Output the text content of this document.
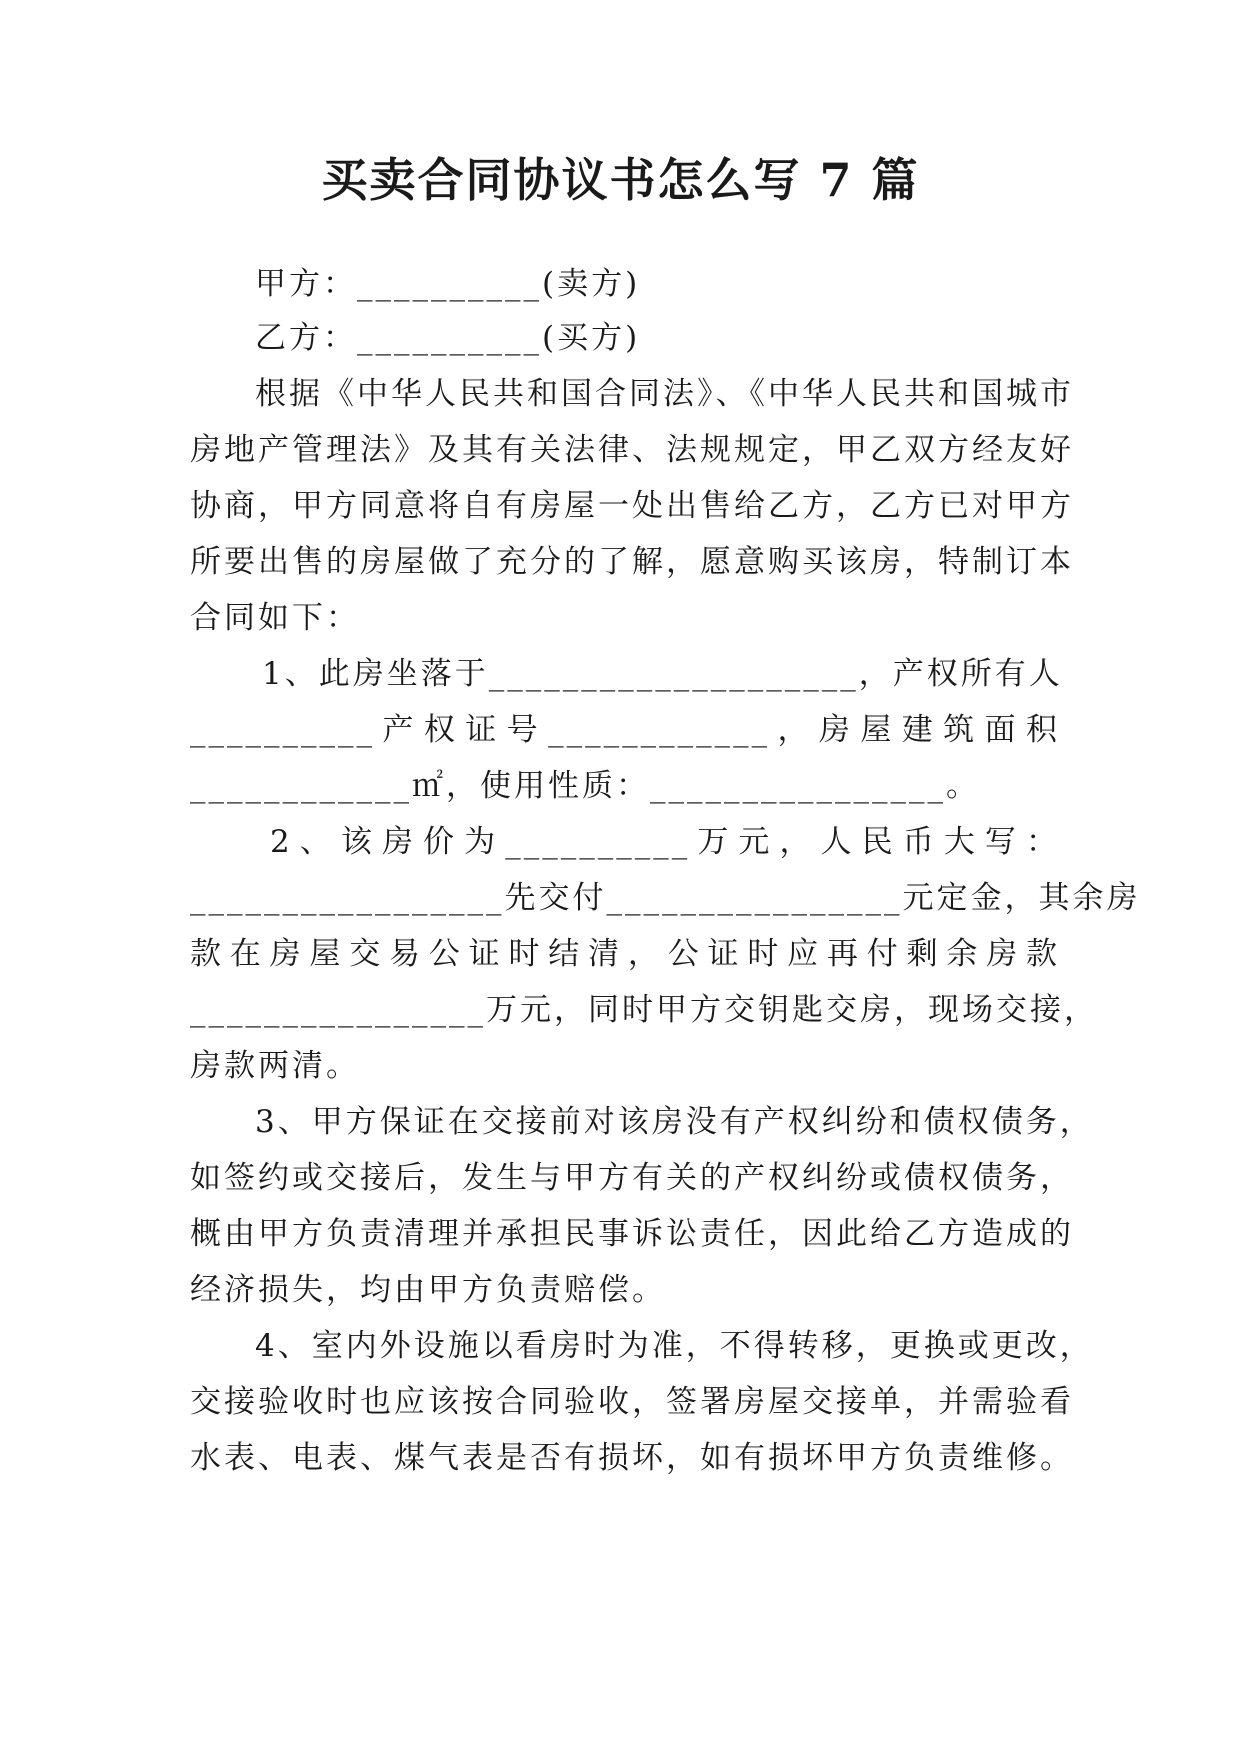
买卖合同协议书怎么写 7 篇
甲方：__________(卖方)
乙方：__________(买方)
根据《中华人民共和国合同法》、《中华人民共和国城市
房地产管理法》及其有关法律、法规规定，甲乙双方经友好
协商，甲方同意将自有房屋一处出售给乙方，乙方已对甲方
所要出售的房屋做了充分的了解，愿意购买该房，特制订本
合同如下：
1、此房坐落于____________________，产权所有人
__________产权证号____________，房屋建筑面积
____________㎡，使用性质：________________。
2、该房价为__________万元，人民币大写：
_________________先交付________________元定金，其余房
款在房屋交易公证时结清，公证时应再付剩余房款
________________万元，同时甲方交钥匙交房，现场交接，
房款两清。
3、甲方保证在交接前对该房没有产权纠纷和债权债务，
如签约或交接后，发生与甲方有关的产权纠纷或债权债务，
概由甲方负责清理并承担民事诉讼责任，因此给乙方造成的
经济损失，均由甲方负责赔偿。
4、室内外设施以看房时为准，不得转移，更换或更改，
交接验收时也应该按合同验收，签署房屋交接单，并需验看
水表、电表、煤气表是否有损坏，如有损坏甲方负责维修。
